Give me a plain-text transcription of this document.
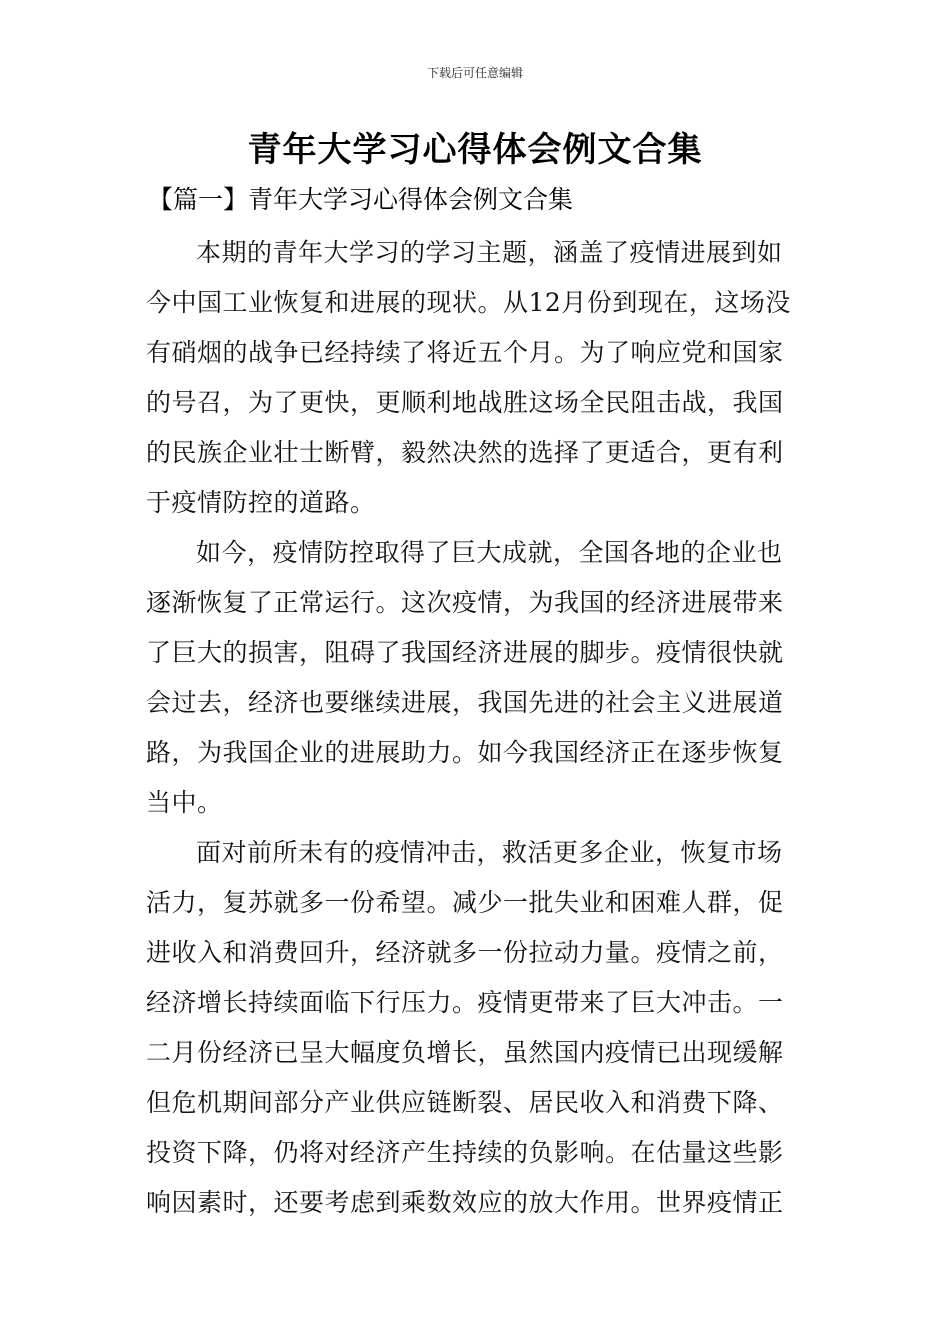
下载后可任意编辑
青年大学习心得体会例文合集
【篇一】青年大学习心得体会例文合集
本期的青年大学习的学习主题，涵盖了疫情进展到如
今中国工业恢复和进展的现状。从12月份到现在，这场没
有硝烟的战争已经持续了将近五个月。为了响应党和国家
的号召，为了更快，更顺利地战胜这场全民阻击战，我国
的民族企业壮士断臂，毅然决然的选择了更适合，更有利
于疫情防控的道路。
如今，疫情防控取得了巨大成就，全国各地的企业也
逐渐恢复了正常运行。这次疫情，为我国的经济进展带来
了巨大的损害，阻碍了我国经济进展的脚步。疫情很快就
会过去，经济也要继续进展，我国先进的社会主义进展道
路，为我国企业的进展助力。如今我国经济正在逐步恢复
当中。
面对前所未有的疫情冲击，救活更多企业，恢复市场
活力，复苏就多一份希望。减少一批失业和困难人群，促
进收入和消费回升，经济就多一份拉动力量。疫情之前，
经济增长持续面临下行压力。疫情更带来了巨大冲击。一
二月份经济已呈大幅度负增长，虽然国内疫情已出现缓解
但危机期间部分产业供应链断裂、居民收入和消费下降、
投资下降，仍将对经济产生持续的负影响。在估量这些影
响因素时，还要考虑到乘数效应的放大作用。世界疫情正
